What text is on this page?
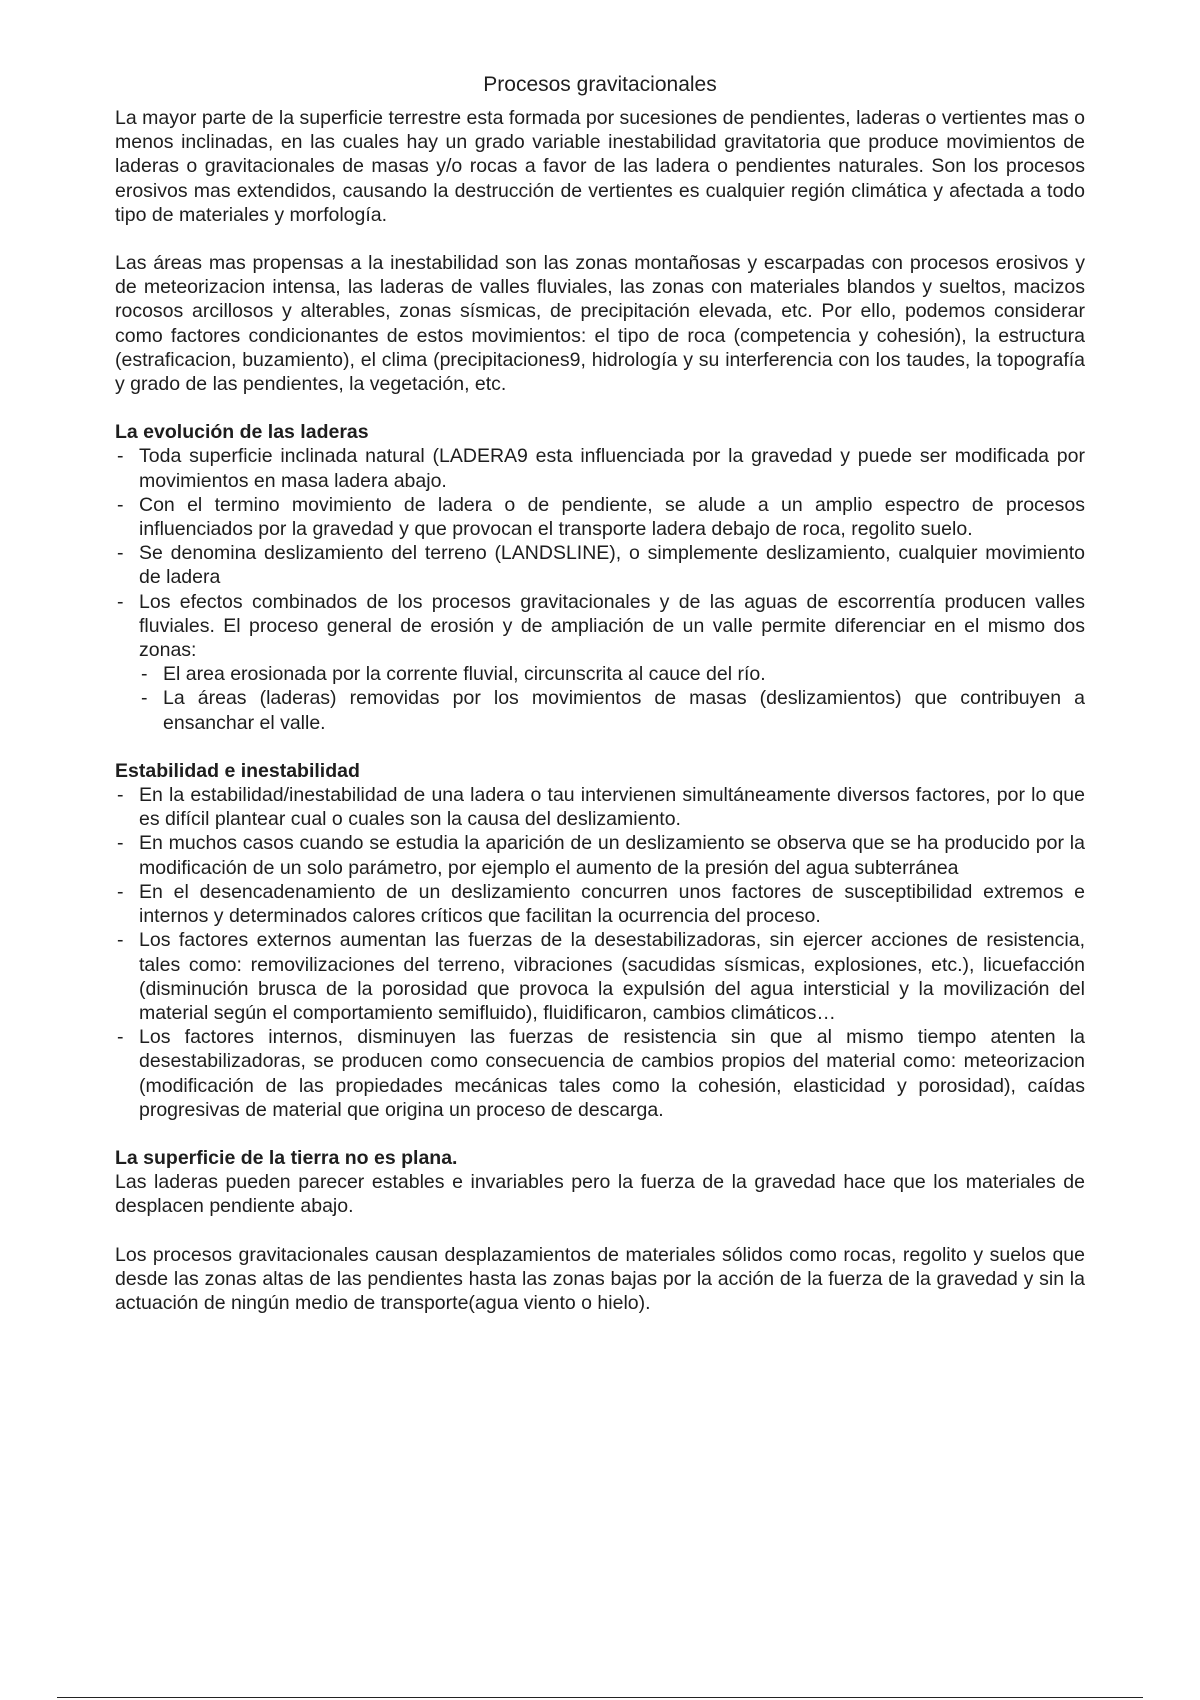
Procesos gravitacionales

La mayor parte de la superficie terrestre esta formada por sucesiones de pendientes, laderas o vertientes mas o menos inclinadas, en las cuales hay un grado variable inestabilidad gravitatoria que produce movimientos de laderas o gravitacionales de masas y/o rocas a favor de las ladera o pendientes naturales. Son los procesos erosivos mas extendidos, causando la destrucción de vertientes es cualquier región climática y afectada a todo tipo de materiales y morfología.

Las áreas mas propensas a la inestabilidad son las zonas montañosas y escarpadas con procesos erosivos y de meteorizacion intensa, las laderas de valles fluviales, las zonas con materiales blandos y sueltos, macizos rocosos arcillosos y alterables, zonas sísmicas, de precipitación elevada, etc. Por ello, podemos considerar como factores condicionantes de estos movimientos: el tipo de roca (competencia y cohesión), la estructura (estraficacion, buzamiento), el clima (precipitaciones9, hidrología y su interferencia con los taudes, la topografía y grado de las pendientes, la vegetación, etc.

La evolución de las laderas

- Toda superficie inclinada natural (LADERA9 esta influenciada por la gravedad y puede ser modificada por movimientos en masa ladera abajo.
- Con el termino movimiento de ladera o de pendiente, se alude a un amplio espectro de procesos influenciados por la gravedad y que provocan el transporte ladera debajo de roca, regolito suelo.
- Se denomina deslizamiento del terreno (LANDSLINE), o simplemente deslizamiento, cualquier movimiento de ladera
- Los efectos combinados de los procesos gravitacionales y de las aguas de escorrentía producen valles fluviales. El proceso general de erosión y de ampliación de un valle permite diferenciar en el mismo dos zonas:
- El area erosionada por la corrente fluvial, circunscrita al cauce del río.
- La áreas (laderas) removidas por los movimientos de masas (deslizamientos) que contribuyen a ensanchar el valle.

Estabilidad e inestabilidad

- En la estabilidad/inestabilidad de una ladera o tau intervienen simultáneamente diversos factores, por lo que es difícil plantear cual o cuales son la causa del deslizamiento.
- En muchos casos cuando se estudia la aparición de un deslizamiento se observa que se ha producido por la modificación de un solo parámetro, por ejemplo el aumento de la presión del agua subterránea
- En el desencadenamiento de un deslizamiento concurren unos factores de susceptibilidad extremos e internos y determinados calores críticos que facilitan la ocurrencia del proceso.
- Los factores externos aumentan las fuerzas de la desestabilizadoras, sin ejercer acciones de resistencia, tales como: removilizaciones del terreno, vibraciones (sacudidas sísmicas, explosiones, etc.), licuefacción (disminución brusca de la porosidad que provoca la expulsión del agua intersticial y la movilización del material según el comportamiento semifluido), fluidificaron, cambios climáticos…
- Los factores internos, disminuyen las fuerzas de resistencia sin que al mismo tiempo atenten la desestabilizadoras, se producen como consecuencia de cambios propios del material como: meteorizacion (modificación de las propiedades mecánicas tales como la cohesión, elasticidad y porosidad), caídas progresivas de material que origina un proceso de descarga.

La superficie de la tierra no es plana.

Las laderas pueden parecer estables e invariables pero la fuerza de la gravedad hace que los materiales de desplacen pendiente abajo.

Los procesos gravitacionales causan desplazamientos de materiales sólidos como rocas, regolito y suelos que desde las zonas altas de las pendientes hasta las zonas bajas por la acción de la fuerza de la gravedad y sin la actuación de ningún medio de transporte(agua viento o hielo).
